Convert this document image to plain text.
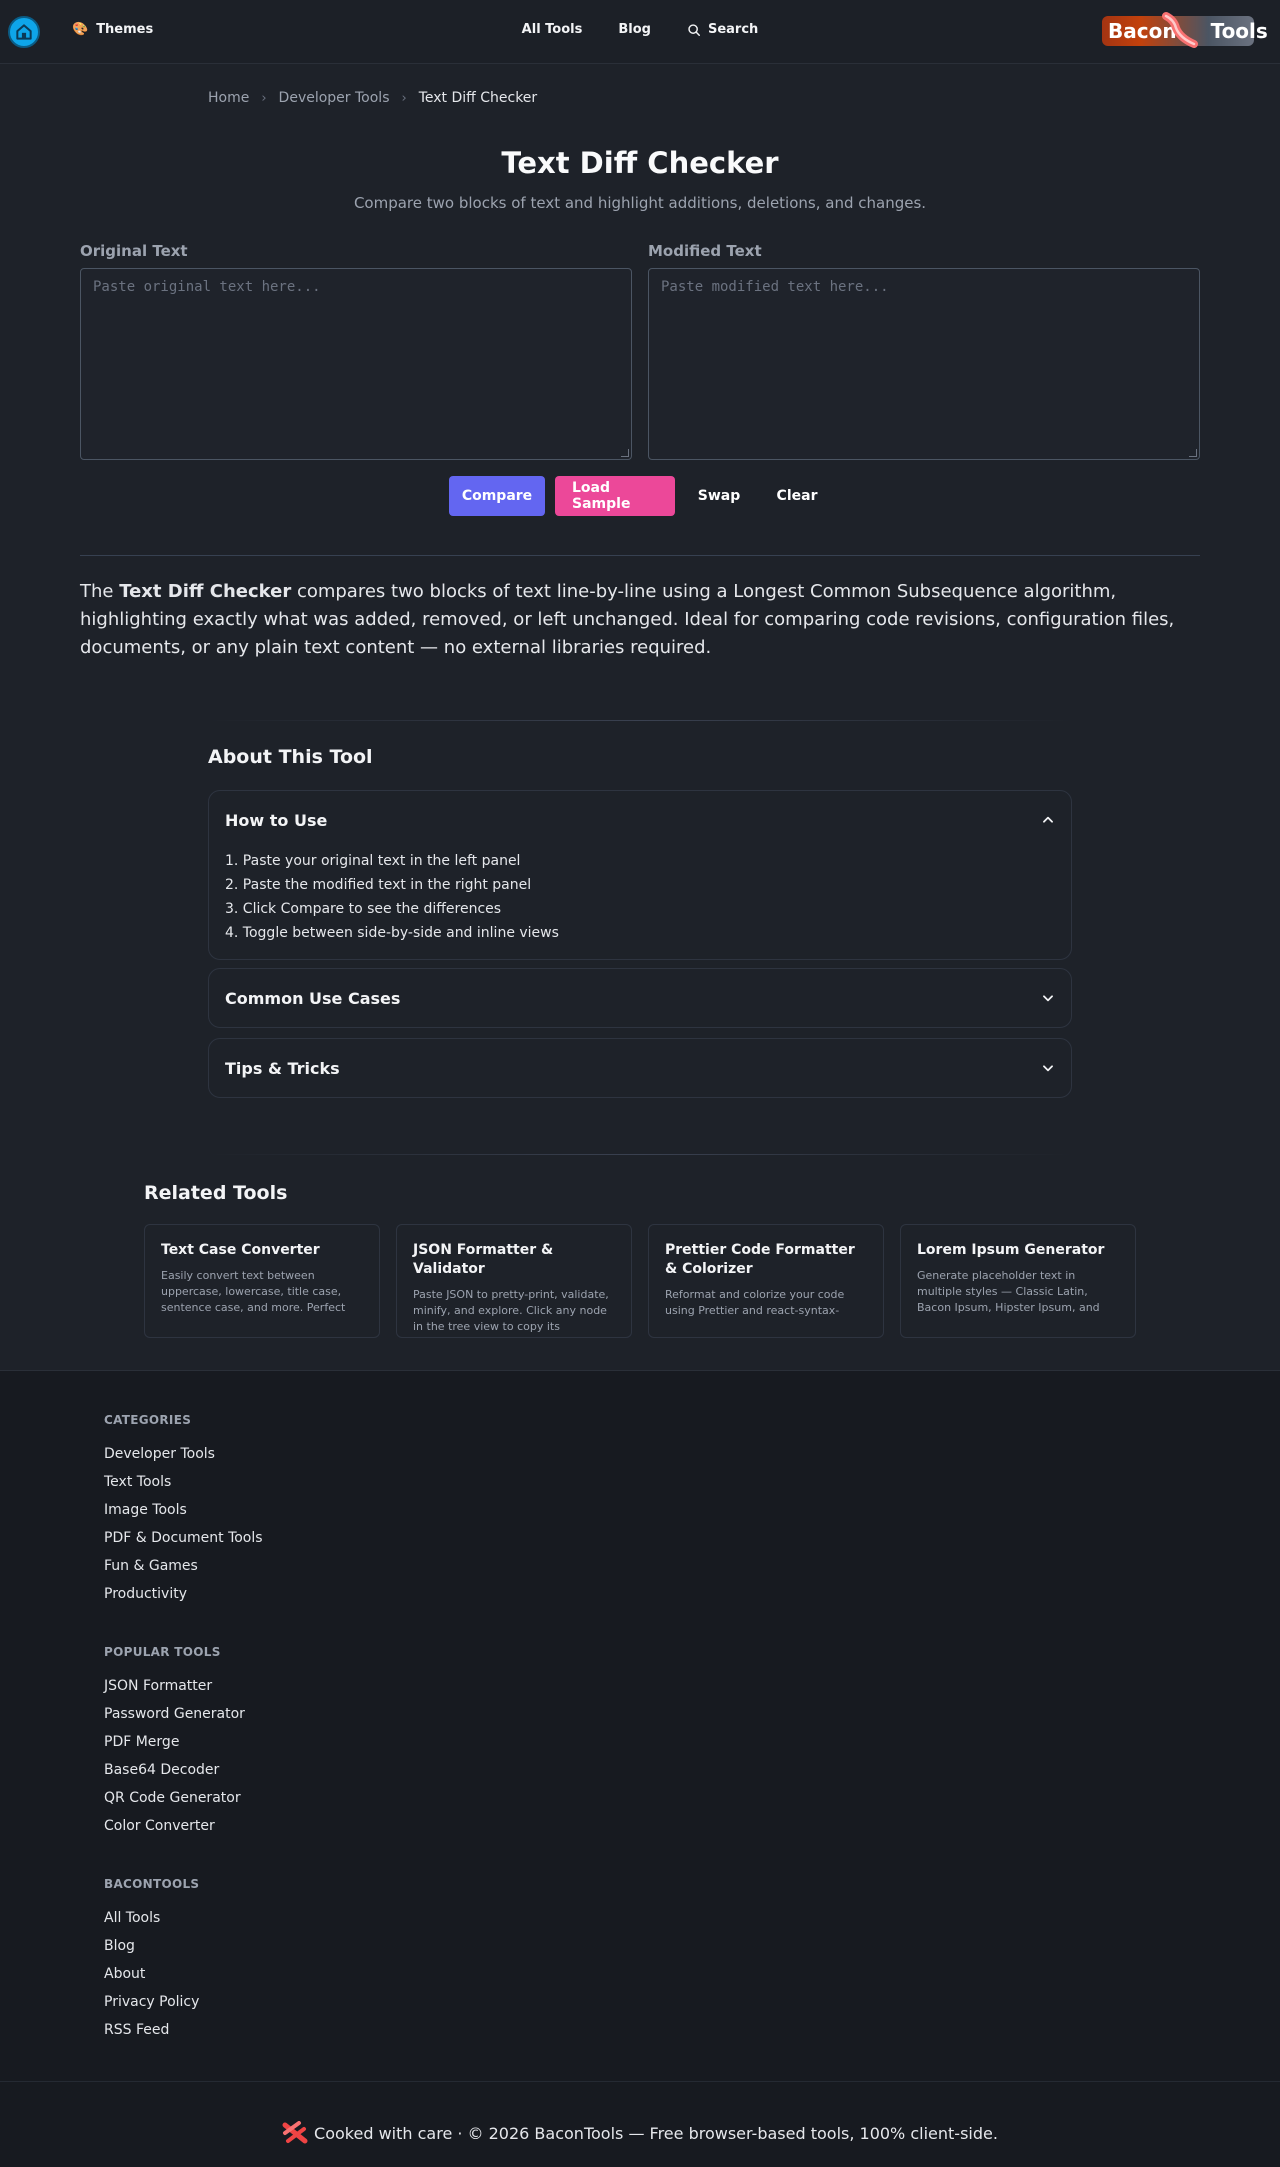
🎨 Themes	All Tools	Blog	Search	Bacon Tools
Home › Developer Tools › Text Diff Checker
Text Diff Checker
Compare two blocks of text and highlight additions, deletions, and changes.
Original Text
Paste original text here...
Modified Text
Paste modified text here...
Compare	Load Sample	Swap	Clear
The Text Diff Checker compares two blocks of text line-by-line using a Longest Common Subsequence algorithm, highlighting exactly what was added, removed, or left unchanged. Ideal for comparing code revisions, configuration files, documents, or any plain text content — no external libraries required.
About This Tool
How to Use
1. Paste your original text in the left panel
2. Paste the modified text in the right panel
3. Click Compare to see the differences
4. Toggle between side-by-side and inline views
Common Use Cases
Tips & Tricks
Related Tools
Text Case Converter

Easily convert text between uppercase, lowercase, title case, sentence case, and more. Perfect

JSON Formatter & Validator

Paste JSON to pretty-print, validate, minify, and explore. Click any node in the tree view to copy its

Prettier Code Formatter & Colorizer

Reformat and colorize your code using Prettier and react-syntax-

Lorem Ipsum Generator

Generate placeholder text in multiple styles — Classic Latin, Bacon Ipsum, Hipster Ipsum, and

CATEGORIES
Developer Tools
Text Tools
Image Tools
PDF & Document Tools
Fun & Games
Productivity
POPULAR TOOLS
JSON Formatter
Password Generator
PDF Merge
Base64 Decoder
QR Code Generator
Color Converter
BACONTOOLS
All Tools
Blog
About
Privacy Policy
RSS Feed
Cooked with care · © 2026 BaconTools — Free browser-based tools, 100% client-side.
